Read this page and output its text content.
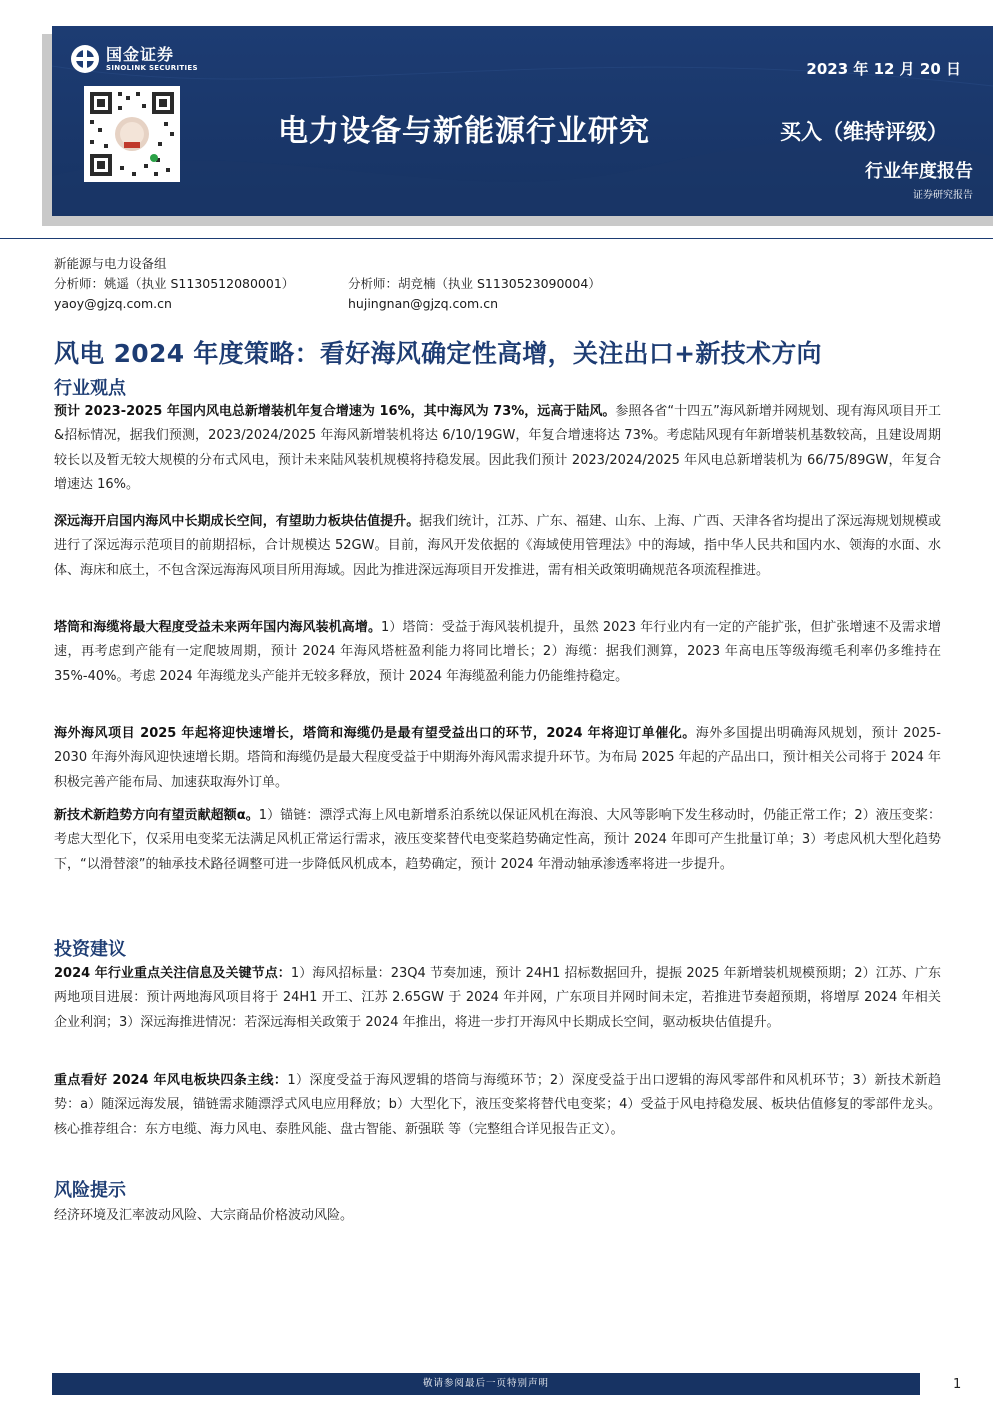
国金证券
SINOLINK SECURITIES	2023 年 12 月 20 日
电力设备与新能源行业研究	买入（维持评级）
行业年度报告
证券研究报告
新能源与电力设备组
分析师：姚遥（执业 S1130512080001）
yaoy@gjzq.com.cn
分析师：胡竞楠（执业 S1130523090004）
hujingnan@gjzq.com.cn
风电 2024 年度策略：看好海风确定性高增，关注出口+新技术方向
行业观点
预计 2023-2025 年国内风电总新增装机年复合增速为 16%，其中海风为 73%，远高于陆风。参照各省“十四五”海风新增并网规划、现有海风项目开工&招标情况，据我们预测，2023/2024/2025 年海风新增装机将达 6/10/19GW，年复合增速将达 73%。考虑陆风现有年新增装机基数较高，且建设周期较长以及暂无较大规模的分布式风电，预计未来陆风装机规模将持稳发展。因此我们预计 2023/2024/2025 年风电总新增装机为 66/75/89GW，年复合增速达 16%。
深远海开启国内海风中长期成长空间，有望助力板块估值提升。据我们统计，江苏、广东、福建、山东、上海、广西、天津各省均提出了深远海规划规模或进行了深远海示范项目的前期招标，合计规模达 52GW。目前，海风开发依据的《海域使用管理法》中的海域，指中华人民共和国内水、领海的水面、水体、海床和底土，不包含深远海海风项目所用海域。因此为推进深远海项目开发推进，需有相关政策明确规范各项流程推进。
塔筒和海缆将最大程度受益未来两年国内海风装机高增。1）塔筒：受益于海风装机提升，虽然 2023 年行业内有一定的产能扩张，但扩张增速不及需求增速，再考虑到产能有一定爬坡周期，预计 2024 年海风塔桩盈利能力将同比增长；2）海缆：据我们测算，2023 年高电压等级海缆毛利率仍多维持在 35%-40%。考虑 2024 年海缆龙头产能并无较多释放，预计 2024 年海缆盈利能力仍能维持稳定。
海外海风项目 2025 年起将迎快速增长，塔筒和海缆仍是最有望受益出口的环节，2024 年将迎订单催化。海外多国提出明确海风规划，预计 2025-2030 年海外海风迎快速增长期。塔筒和海缆仍是最大程度受益于中期海外海风需求提升环节。为布局 2025 年起的产品出口，预计相关公司将于 2024 年积极完善产能布局、加速获取海外订单。
新技术新趋势方向有望贡献超额α。1）锚链：漂浮式海上风电新增系泊系统以保证风机在海浪、大风等影响下发生移动时，仍能正常工作；2）液压变桨：考虑大型化下，仅采用电变桨无法满足风机正常运行需求，液压变桨替代电变桨趋势确定性高，预计 2024 年即可产生批量订单；3）考虑风机大型化趋势下，“以滑替滚”的轴承技术路径调整可进一步降低风机成本，趋势确定，预计 2024 年滑动轴承渗透率将进一步提升。
投资建议
2024 年行业重点关注信息及关键节点：1）海风招标量：23Q4 节奏加速，预计 24H1 招标数据回升，提振 2025 年新增装机规模预期；2）江苏、广东两地项目进展：预计两地海风项目将于 24H1 开工、江苏 2.65GW 于 2024 年并网，广东项目并网时间未定，若推进节奏超预期，将增厚 2024 年相关企业利润；3）深远海推进情况：若深远海相关政策于 2024 年推出，将进一步打开海风中长期成长空间，驱动板块估值提升。
重点看好 2024 年风电板块四条主线：1）深度受益于海风逻辑的塔筒与海缆环节；2）深度受益于出口逻辑的海风零部件和风机环节；3）新技术新趋势：a）随深远海发展，锚链需求随漂浮式风电应用释放；b）大型化下，液压变桨将替代电变桨；4）受益于风电持稳发展、板块估值修复的零部件龙头。核心推荐组合：东方电缆、海力风电、泰胜风能、盘古智能、新强联 等（完整组合详见报告正文）。
风险提示
经济环境及汇率波动风险、大宗商品价格波动风险。
敬请参阅最后一页特别声明	1
